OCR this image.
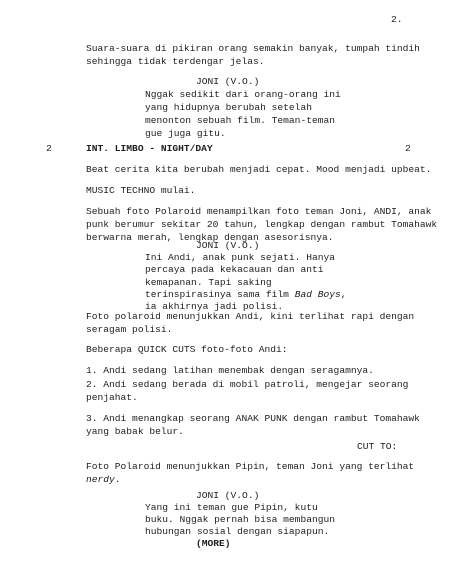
2.

Suara-suara di pikiran orang semakin banyak, tumpah tindih

sehingga tidak terdengar jelas.

JONI (V.O.)

Nggak sedikit dari orang-orang ini

yang hidupnya berubah setelah

menonton sebuah film. Teman-teman

gue juga gitu.

2	INT. LIMBO - NIGHT/DAY	2

Beat cerita kita berubah menjadi cepat. Mood menjadi upbeat.

MUSIC TECHNO mulai.

Sebuah foto Polaroid menampilkan foto teman Joni, ANDI, anak

punk berumur sekitar 20 tahun, lengkap dengan rambut Tomahawk

berwarna merah, lengkap dengan asesorisnya.

JONI (V.O.)

Ini Andi, anak punk sejati. Hanya

percaya pada kekacauan dan anti

kemapanan. Tapi saking

terinspirasinya sama film Bad Boys,

ia akhirnya jadi polisi.

Foto polaroid menunjukkan Andi, kini terlihat rapi dengan

seragam polisi.

Beberapa QUICK CUTS foto-foto Andi:

1. Andi sedang latihan menembak dengan seragamnya.

2. Andi sedang berada di mobil patroli, mengejar seorang

penjahat.

3. Andi menangkap seorang ANAK PUNK dengan rambut Tomahawk

yang babak belur.

CUT TO:

Foto Polaroid menunjukkan Pipin, teman Joni yang terlihat

nerdy.

JONI (V.O.)

Yang ini teman gue Pipin, kutu

buku. Nggak pernah bisa membangun

hubungan sosial dengan siapapun.

(MORE)
